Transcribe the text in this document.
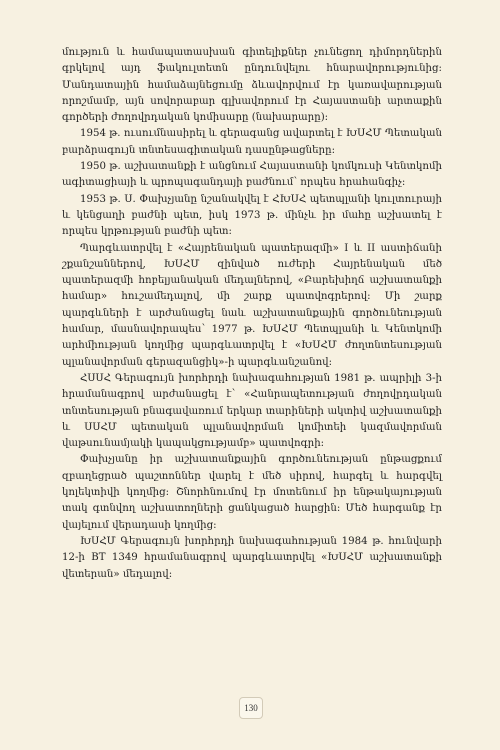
մություն և համապատասխան գիտելիքներ չունեցող դիմորդներին գրկելով այդ ֆակուլտետն ընդունվելու հնարավորությունից: Մանդատային համաձայնեցումը ձևավորվում էր կառավարության որոշմամբ, այն սովորաբար գլխավորում էր Հայաստանի արտաքին գործերի ժողովրդական կոմիսարը (նախարարը):

1954 թ. ուսումնասիրել և գերագանց ավարտել է ԽՍՀՄ Պետական բարձրագույն տնտեսագիտական դասընթացները:

1950 թ. աշխատանքի է անցնում Հայաստանի կոմկուսի Կենտկոմի ագիտացիայի և պրոպագանդայի բաժնում՝ որպես հրահանգիչ:

1953 թ. Ս. Փախչյանը նշանակվել է ՀԽՍՀ պետպլանի կուլտուրայի և կենցաղի բաժնի պետ, իսկ 1973 թ. մինչև իր մահը աշխատել է որպես կրթության բաժնի պետ:

Պարգևատրվել է «Հայրենական պատերազմի» I և II աստիճանի շքանշաններով, ԽՍՀՄ զինված ուժերի Հայրենական մեծ պատերազմի հոբելյանական մեդալներով, «Բարեխիղճ աշխատանքի համար» հուշամեդալով, մի շարք պատվոգրերով: Մի շարք պարգևների է արժանացել նաև աշխատանքային գործունեության համար, մասնավորապես՝ 1977 թ. ԽՍՀՄ Պետպլանի և Կենտկոմի արհմիության կողմից պարգևատրվել է «ԽՍՀՄ ժողտնտեսության պլանավորման գերազանցիկ»-ի պարգևանշանով:

ՀՍՍՀ Գերագույն խորհրդի նախագահության 1981 թ. ապրիլի 3-ի հրամանագրով արժանացել է՝ «Հանրապետության ժողովրդական տնտեսության բնագավառում երկար տարիների ակտիվ աշխատանքի և ՍՍՀՄ պետական պլանավորման կոմիտեի կազմավորման վաթսունամյակի կապակցությամբ» պատվոգրի:

Փախչյանը իր աշխատանքային գործունեության ընթացքում զբաղեցրած պաշտոններ վարել է մեծ սիրով, հարգել և հարգվել կոլեկտիվի կողմից: Շնորհնումով էր մոտենում իր ենթակայության տակ գտնվող աշխատողների ցանկացած հարցին: Մեծ հարգանք էր վայելում վերադասի կողմից:

ԽՍՀՄ Գերագույն խորհրդի նախագահության 1984 թ. հունվարի 12-ի ВТ 1349 հրամանագրով պարգևատրվել «ԽՍՀՄ աշխատանքի վետերան» մեդալով:

130
